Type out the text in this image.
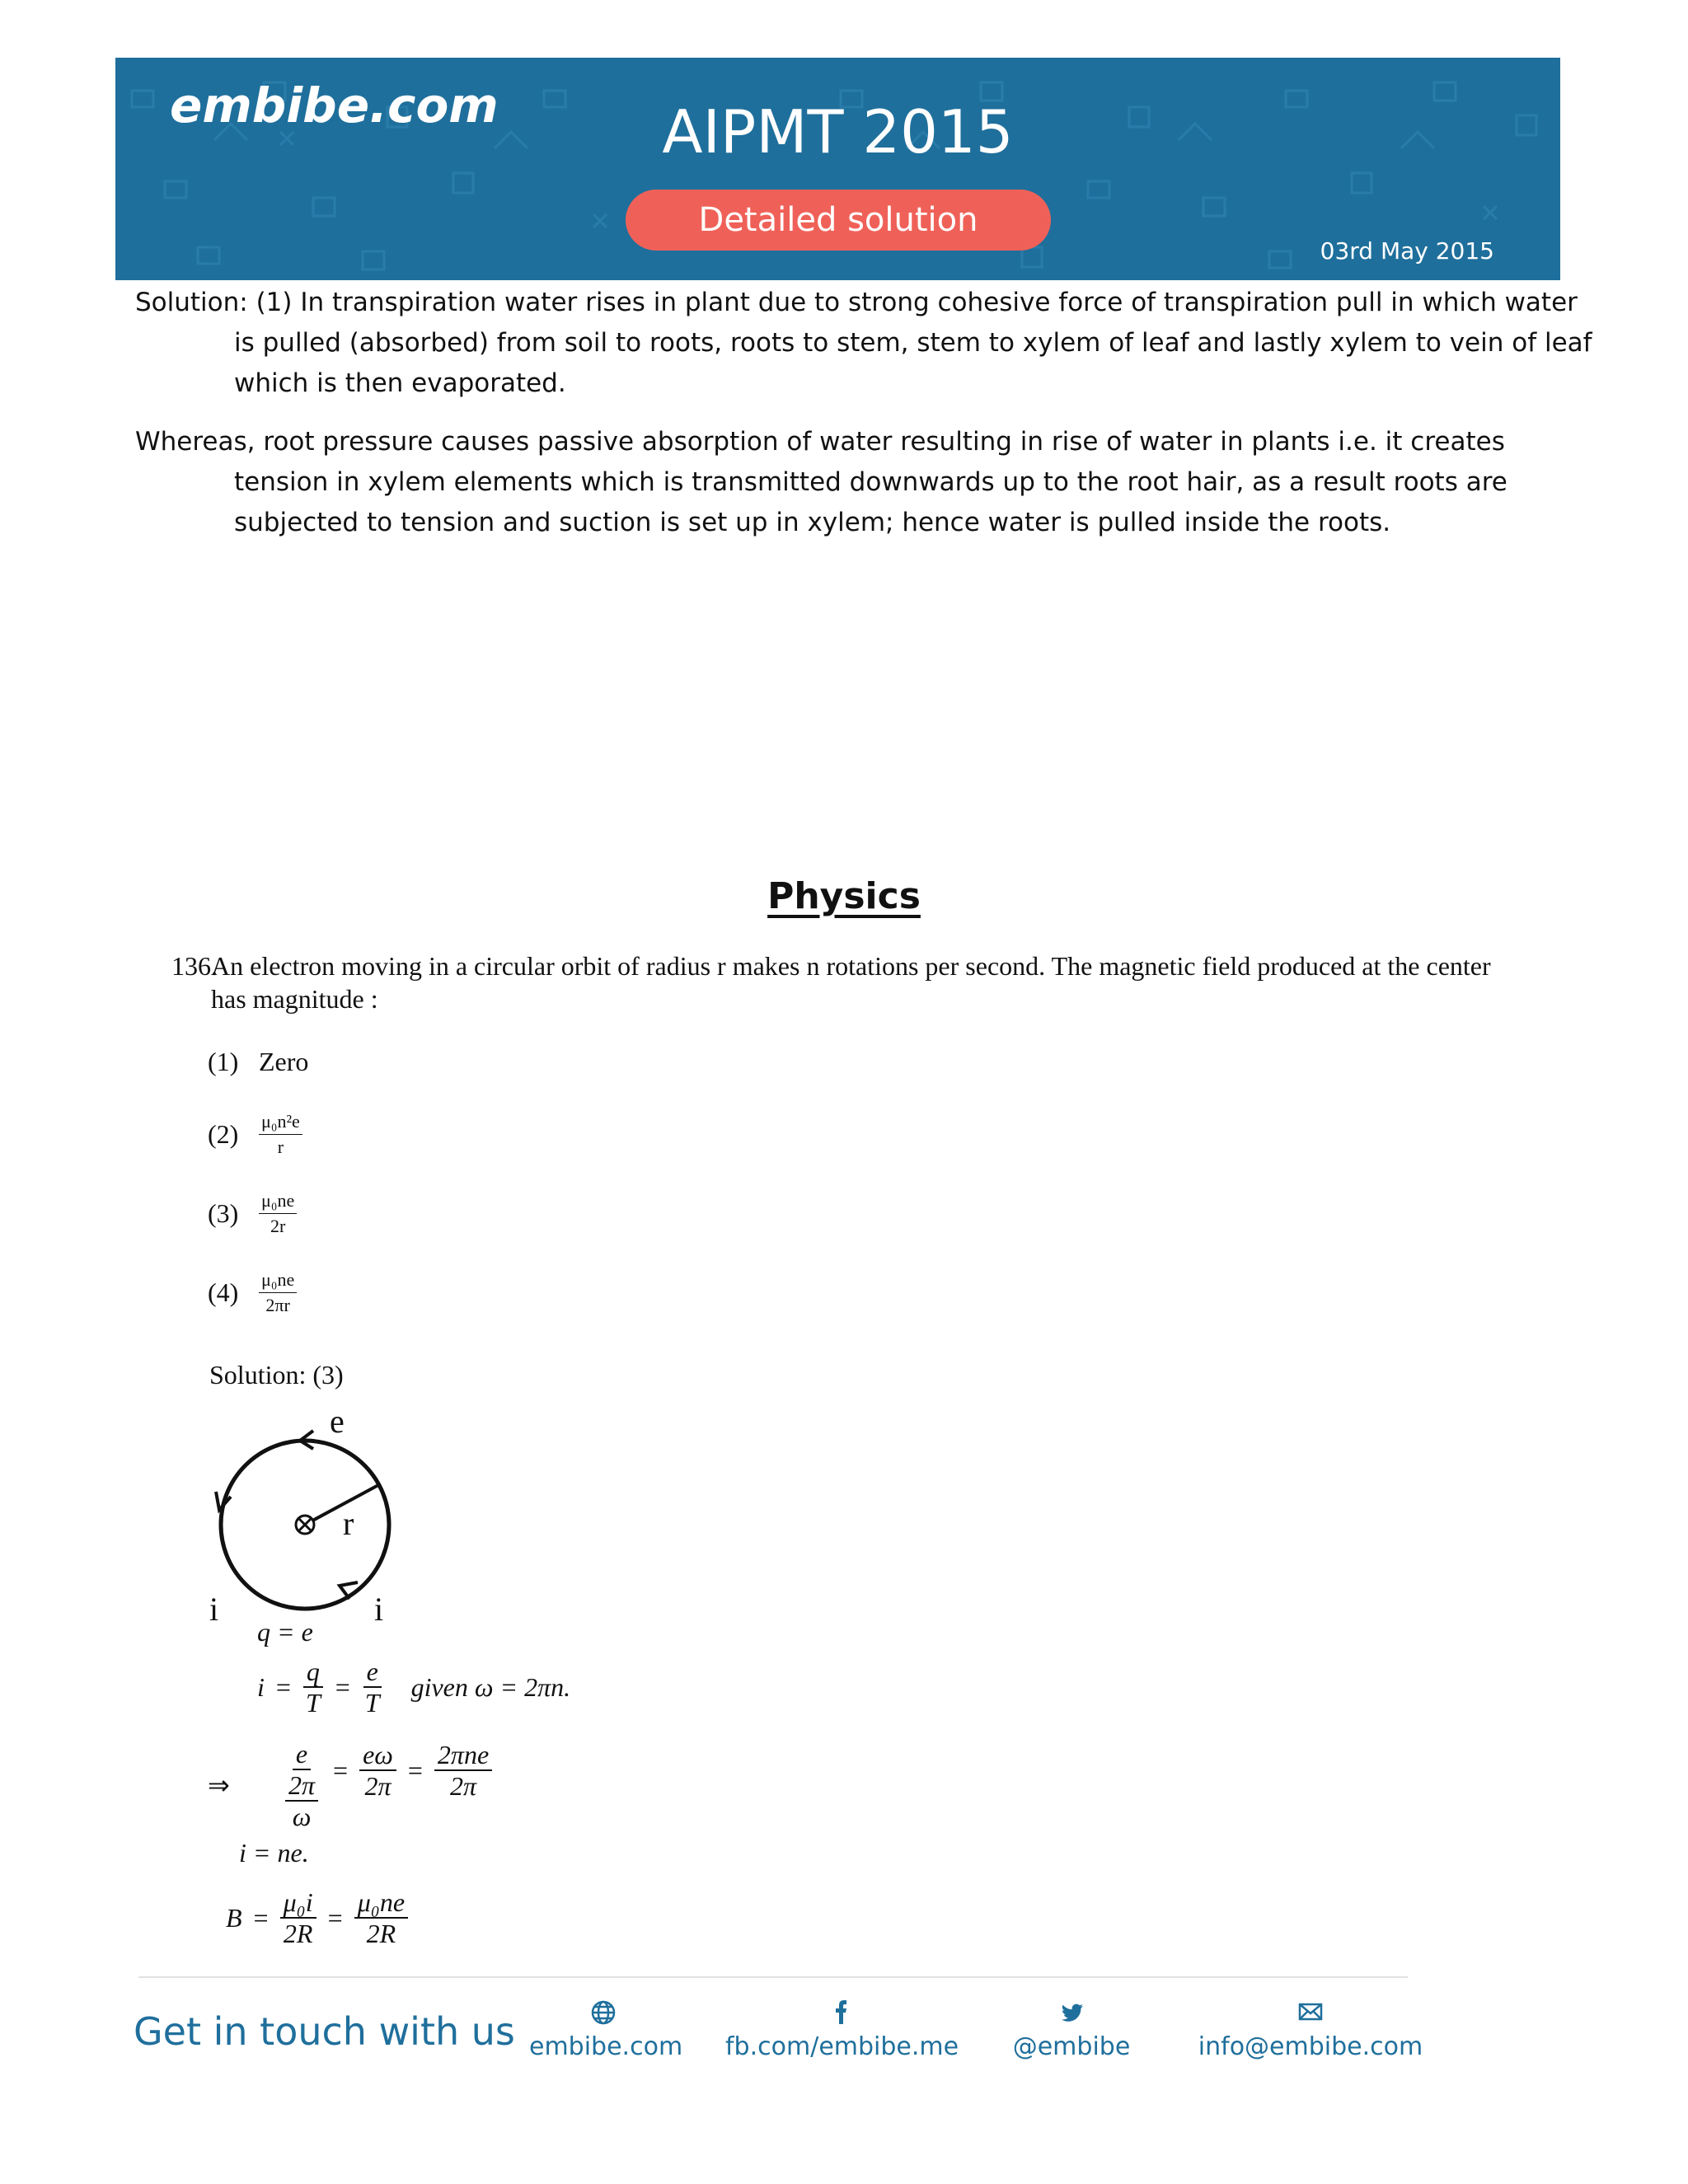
embibe.com	AIPMT 2015
Detailed solution
03rd May 2015
Solution: (1) In transpiration water rises in plant due to strong cohesive force of transpiration pull in which water
is pulled (absorbed) from soil to roots, roots to stem, stem to xylem of leaf and lastly xylem to vein of leaf
which is then evaporated.
Whereas, root pressure causes passive absorption of water resulting in rise of water in plants i.e. it creates
tension in xylem elements which is transmitted downwards up to the root hair, as a result roots are
subjected to tension and suction is set up in xylem; hence water is pulled inside the roots.
Physics
136.An electron moving in a circular orbit of radius r makes n rotations per second. The magnetic field produced at the center
has magnitude :
(1) Zero
(2)	$\frac{\text{μ₀n²e}}{r}$
(3)	$\frac{\text{μ₀ne}}{2r}$
(4)	$\frac{\text{μ₀ne}}{2\pi r}$
Solution: (3)
e
r
i	i
q = e
$i = \frac{q}{T} = \frac{e}{T}$	given ω = 2πn.
⇒	$\frac{e}{\frac{2\pi}{\omega}} = \frac{e\omega}{2\pi} = \frac{\text{2πne}}{2\pi}$
i = ne.
$B = \frac{\text{μ₀i}}{2R} = \frac{\text{μ₀ne}}{2R}$
Get in touch with us embibe.com fb.com/embibe.me @embibe	info@embibe.com
